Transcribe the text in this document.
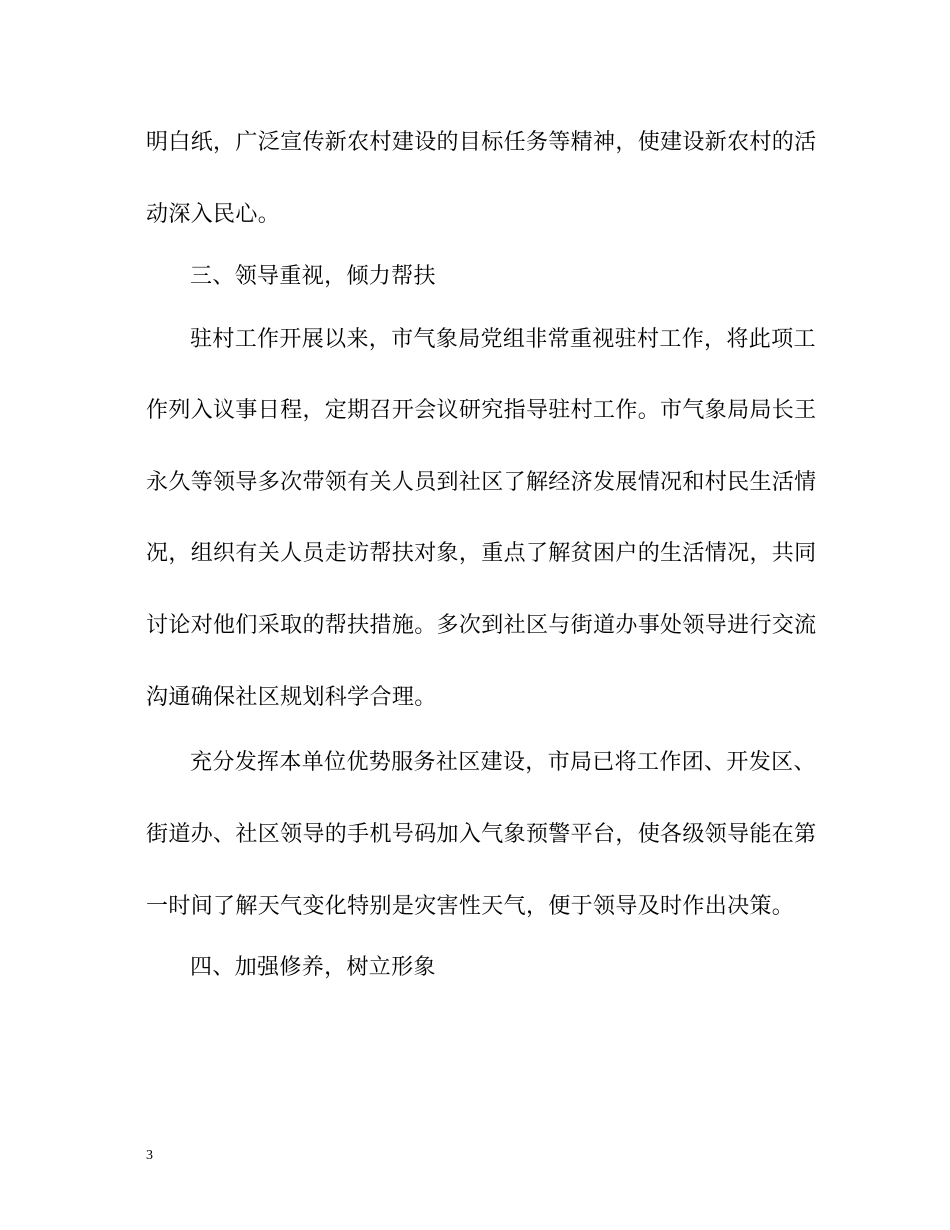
明白纸，广泛宣传新农村建设的目标任务等精神，使建设新农村的活
动深入民心。
三、领导重视，倾力帮扶
驻村工作开展以来，市气象局党组非常重视驻村工作，将此项工
作列入议事日程，定期召开会议研究指导驻村工作。市气象局局长王
永久等领导多次带领有关人员到社区了解经济发展情况和村民生活情
况，组织有关人员走访帮扶对象，重点了解贫困户的生活情况，共同
讨论对他们采取的帮扶措施。多次到社区与街道办事处领导进行交流
沟通确保社区规划科学合理。
充分发挥本单位优势服务社区建设，市局已将工作团、开发区、
街道办、社区领导的手机号码加入气象预警平台，使各级领导能在第
一时间了解天气变化特别是灾害性天气，便于领导及时作出决策。
四、加强修养，树立形象
3
